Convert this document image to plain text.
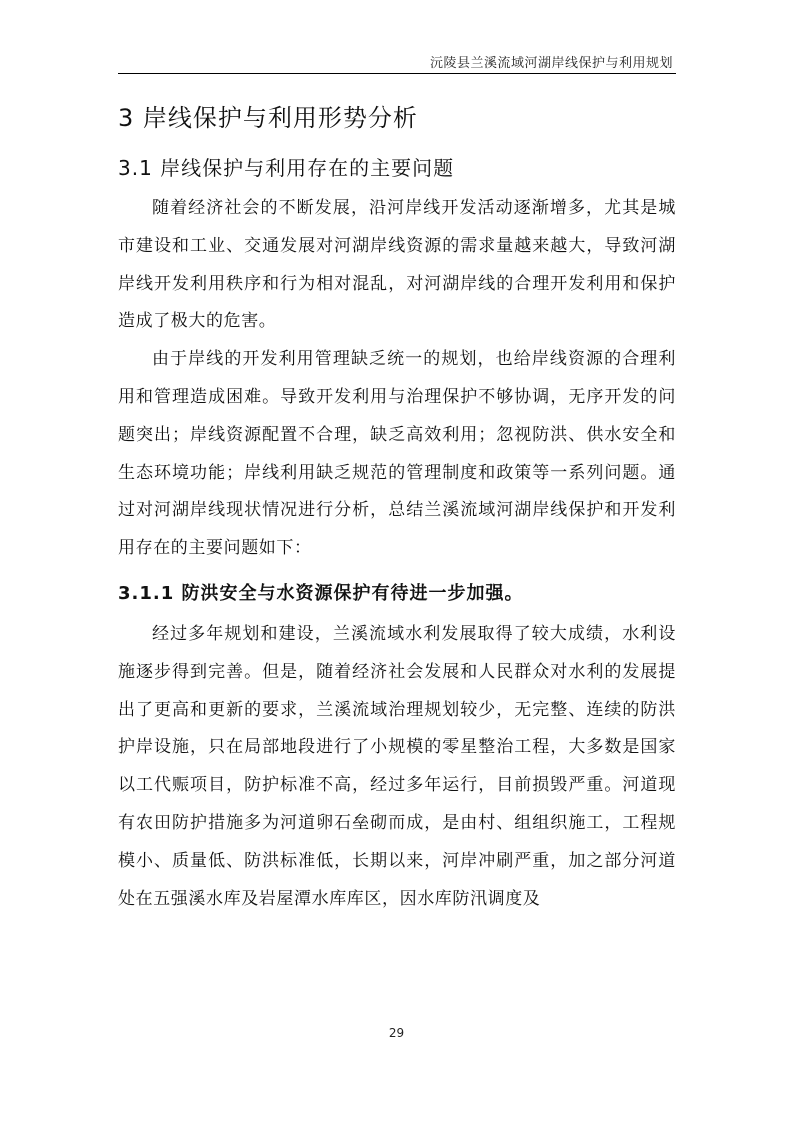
沅陵县兰溪流域河湖岸线保护与利用规划
3 岸线保护与利用形势分析
3.1 岸线保护与利用存在的主要问题

随着经济社会的不断发展，沿河岸线开发活动逐渐增多，尤其是城市建设和工业、交通发展对河湖岸线资源的需求量越来越大，导致河湖岸线开发利用秩序和行为相对混乱，对河湖岸线的合理开发利用和保护造成了极大的危害。

由于岸线的开发利用管理缺乏统一的规划，也给岸线资源的合理利用和管理造成困难。导致开发利用与治理保护不够协调，无序开发的问题突出；岸线资源配置不合理，缺乏高效利用；忽视防洪、供水安全和生态环境功能；岸线利用缺乏规范的管理制度和政策等一系列问题。通过对河湖岸线现状情况进行分析，总结兰溪流域河湖岸线保护和开发利用存在的主要问题如下：

3.1.1 防洪安全与水资源保护有待进一步加强。

经过多年规划和建设，兰溪流域水利发展取得了较大成绩，水利设施逐步得到完善。但是，随着经济社会发展和人民群众对水利的发展提出了更高和更新的要求，兰溪流域治理规划较少，无完整、连续的防洪护岸设施，只在局部地段进行了小规模的零星整治工程，大多数是国家以工代赈项目，防护标准不高，经过多年运行，目前损毁严重。河道现有农田防护措施多为河道卵石垒砌而成，是由村、组组织施工，工程规模小、质量低、防洪标准低，长期以来，河岸冲刷严重，加之部分河道处在五强溪水库及岩屋潭水库库区，因水库防汛调度及

29
